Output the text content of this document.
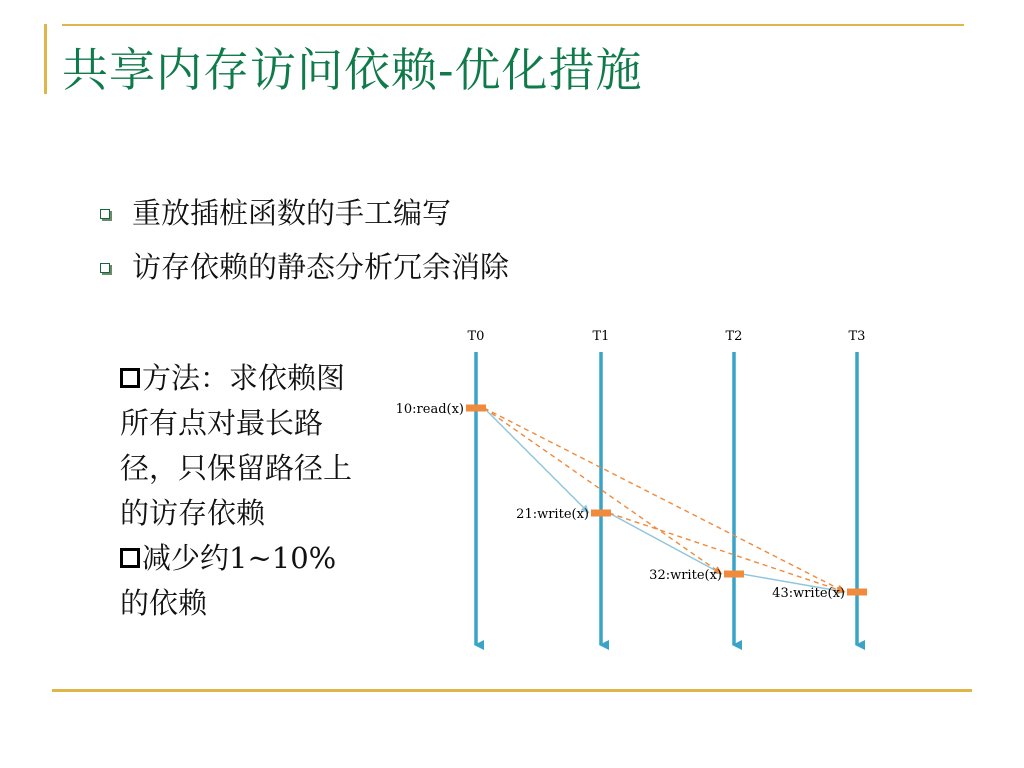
共享内存访问依赖-优化措施
重放插桩函数的手工编写
访存依赖的静态分析冗余消除
方法：求依赖图所有点对最长路径，只保留路径上的访存依赖
减少约1~10%的依赖
T0	T1	T2	T3
10:read(x)
21:write(x)
32:write(x)
43:write(x)
